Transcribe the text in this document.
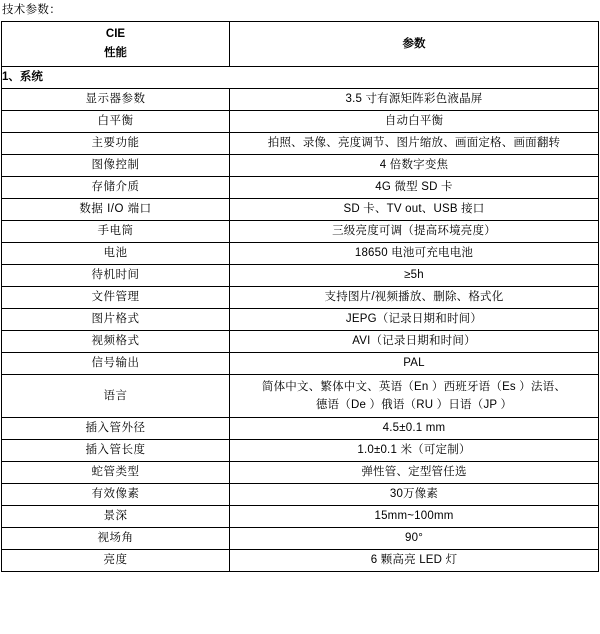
技术参数：
CIE
性能	参数
1、系统	
显示器参数	3.5 寸有源矩阵彩色液晶屏
白平衡	自动白平衡
主要功能	拍照、录像、亮度调节、图片缩放、画面定格、画面翻转
图像控制	4 倍数字变焦
存储介质	4G 微型 SD 卡
数据 I/O 端口	SD 卡、TV out、USB 接口
手电筒	三级亮度可调（提高环境亮度）
电池	18650 电池可充电电池
待机时间	≥5h
文件管理	支持图片/视频播放、删除、格式化
图片格式	JEPG（记录日期和时间）
视频格式	AVI（记录日期和时间）
信号输出	PAL
语言	简体中文、繁体中文、英语（En ）西班牙语（Es ）法语、
德语（De ）俄语（RU ）日语（JP ）

插入管外径	4.5±0.1 mm
插入管长度	1.0±0.1 米（可定制）
蛇管类型	弹性管、定型管任选
有效像素	30万像素
景深	15mm~100mm
视场角	90°
亮度	6 颗高亮 LED 灯
